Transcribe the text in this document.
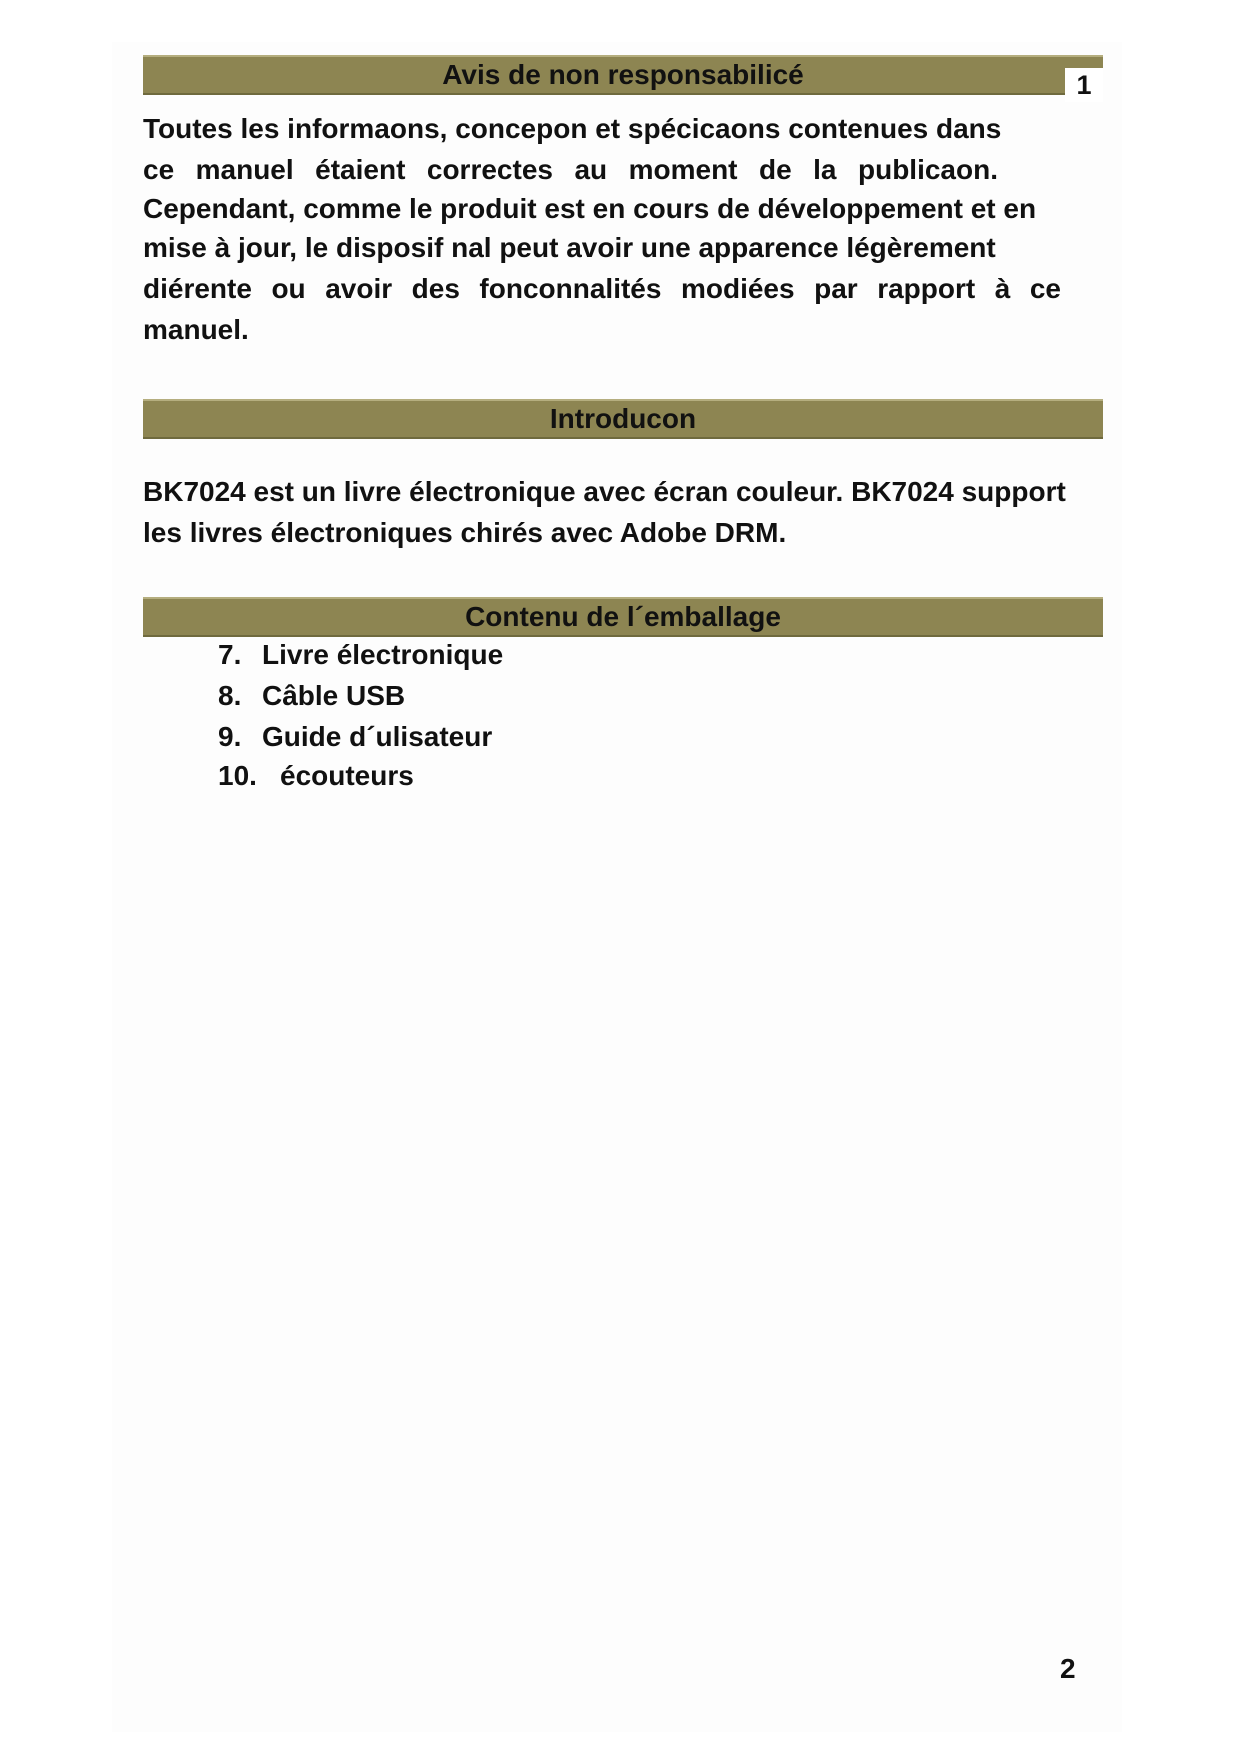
Avis de non responsabilicé	1
Toutes les informaons, concepon et spécicaons contenues dans
ce manuel étaient correctes au moment de la publicaon.
Cependant, comme le produit est en cours de développement et en
mise à jour, le disposif nal peut avoir une apparence légèrement
diérente ou avoir des fonconnalités modiées par rapport à ce
manuel.
Introducon
BK7024 est un livre électronique avec écran couleur. BK7024 support
les livres électroniques chirés avec Adobe DRM.
Contenu de l´emballage
7. Livre électronique
8. Câble USB
9. Guide d´ulisateur
10. écouteurs
2
